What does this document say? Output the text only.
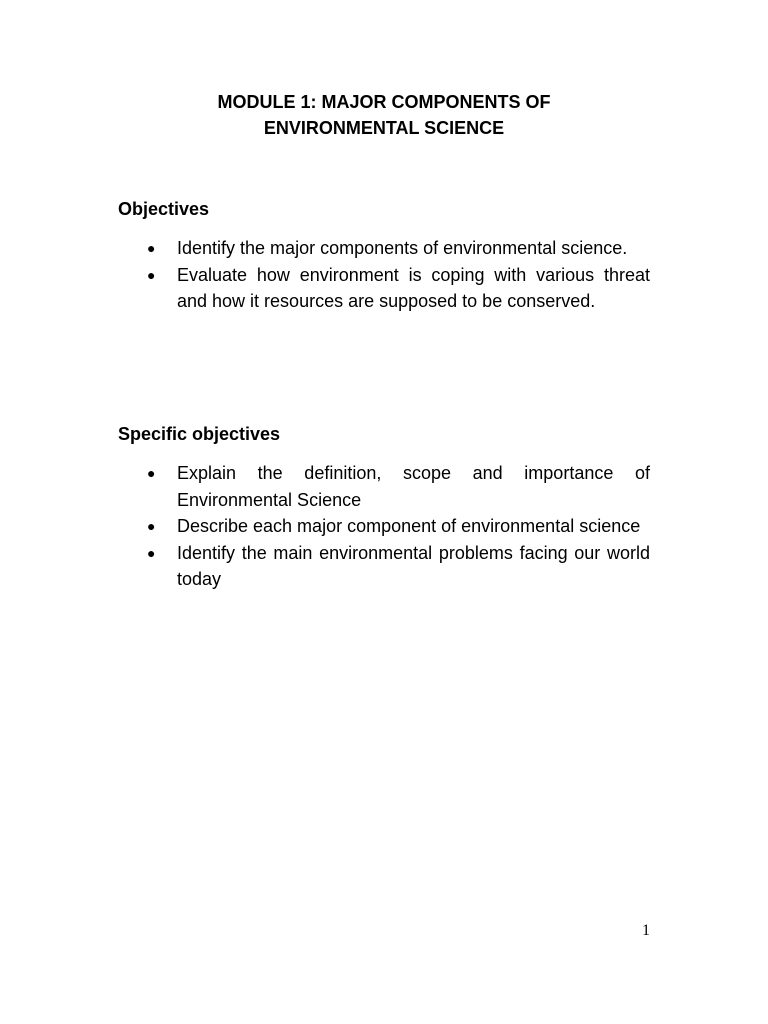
MODULE 1: MAJOR COMPONENTS OF
ENVIRONMENTAL SCIENCE
Objectives
● Identify the major components of environmental science.
● Evaluate how environment is coping with various threat and how it resources are supposed to be conserved.
Specific objectives
● Explain the definition, scope and importance of Environmental Science
● Describe each major component of environmental science
● Identify the main environmental problems facing our world today
1
